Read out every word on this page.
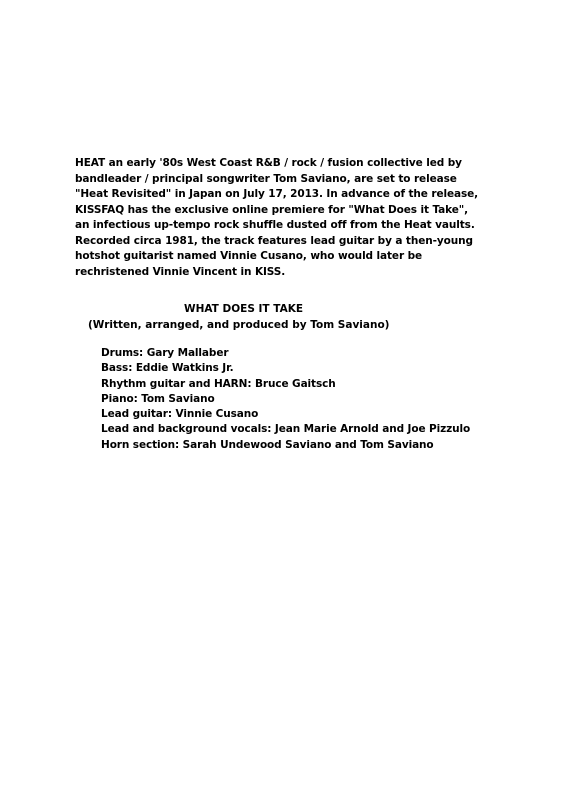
HEAT an early '80s West Coast R&B / rock / fusion collective led by
bandleader / principal songwriter Tom Saviano, are set to release
"Heat Revisited" in Japan on July 17, 2013. In advance of the release,
KISSFAQ has the exclusive online premiere for "What Does it Take",
an infectious up-tempo rock shuffle dusted off from the Heat vaults.
Recorded circa 1981, the track features lead guitar by a then-young
hotshot guitarist named Vinnie Cusano, who would later be
rechristened Vinnie Vincent in KISS.
WHAT DOES IT TAKE
(Written, arranged, and produced by Tom Saviano)
Drums: Gary Mallaber
Bass: Eddie Watkins Jr.
Rhythm guitar and HARN: Bruce Gaitsch
Piano: Tom Saviano
Lead guitar: Vinnie Cusano
Lead and background vocals: Jean Marie Arnold and Joe Pizzulo
Horn section: Sarah Undewood Saviano and Tom Saviano
